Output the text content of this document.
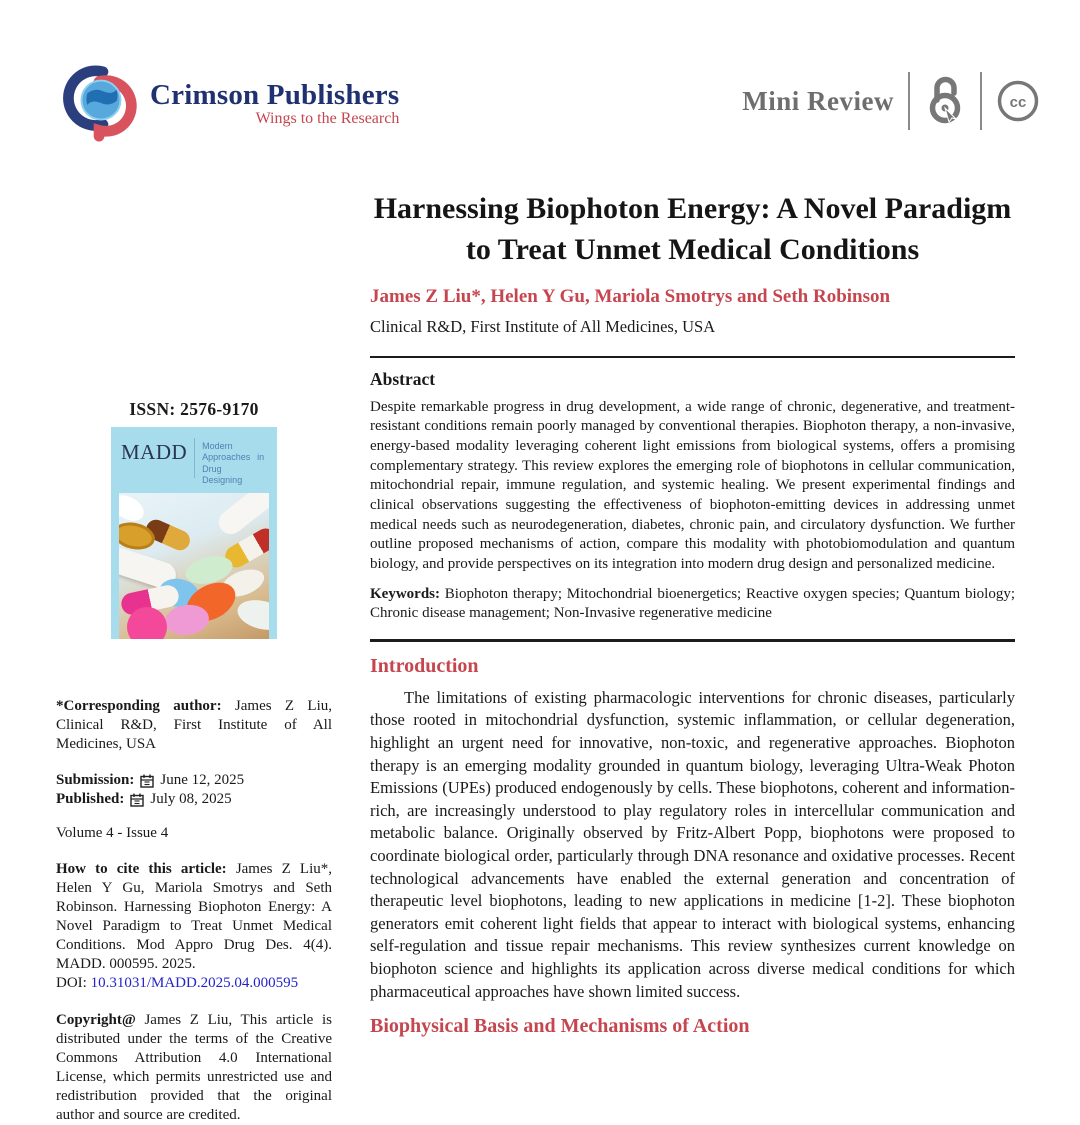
Crimson Publishers
Wings to the Research
Mini Review	cc
ISSN: 2576-9170
MADD Modern Approaches in Drug Designing

*Corresponding author: James Z Liu, Clinical R&D, First Institute of All Medicines, USA

Submission: June 12, 2025
Published: July 08, 2025
Volume 4 - Issue 4

How to cite this article: James Z Liu*, Helen Y Gu, Mariola Smotrys and Seth Robinson. Harnessing Biophoton Energy: A Novel Paradigm to Treat Unmet Medical Conditions. Mod Appro Drug Des. 4(4). MADD. 000595. 2025.

DOI: 10.31031/MADD.2025.04.000595

Copyright@ James Z Liu, This article is distributed under the terms of the Creative Commons Attribution 4.0 International License, which permits unrestricted use and redistribution provided that the original author and source are credited.

Harnessing Biophoton Energy: A Novel Paradigm
to Treat Unmet Medical Conditions
James Z Liu*, Helen Y Gu, Mariola Smotrys and Seth Robinson
Clinical R&D, First Institute of All Medicines, USA
Abstract

Despite remarkable progress in drug development, a wide range of chronic, degenerative, and treatment-resistant conditions remain poorly managed by conventional therapies. Biophoton therapy, a non-invasive, energy-based modality leveraging coherent light emissions from biological systems, offers a promising complementary strategy. This review explores the emerging role of biophotons in cellular communication, mitochondrial repair, immune regulation, and systemic healing. We present experimental findings and clinical observations suggesting the effectiveness of biophoton-emitting devices in addressing unmet medical needs such as neurodegeneration, diabetes, chronic pain, and circulatory dysfunction. We further outline proposed mechanisms of action, compare this modality with photobiomodulation and quantum biology, and provide perspectives on its integration into modern drug design and personalized medicine.

Keywords: Biophoton therapy; Mitochondrial bioenergetics; Reactive oxygen species; Quantum biology; Chronic disease management; Non-Invasive regenerative medicine

Introduction

The limitations of existing pharmacologic interventions for chronic diseases, particularly those rooted in mitochondrial dysfunction, systemic inflammation, or cellular degeneration, highlight an urgent need for innovative, non-toxic, and regenerative approaches. Biophoton therapy is an emerging modality grounded in quantum biology, leveraging Ultra-Weak Photon Emissions (UPEs) produced endogenously by cells. These biophotons, coherent and information-rich, are increasingly understood to play regulatory roles in intercellular communication and metabolic balance. Originally observed by Fritz-Albert Popp, biophotons were proposed to coordinate biological order, particularly through DNA resonance and oxidative processes. Recent technological advancements have enabled the external generation and concentration of therapeutic level biophotons, leading to new applications in medicine [1-2]. These biophoton generators emit coherent light fields that appear to interact with biological systems, enhancing self-regulation and tissue repair mechanisms. This review synthesizes current knowledge on biophoton science and highlights its application across diverse medical conditions for which pharmaceutical approaches have shown limited success.

Biophysical Basis and Mechanisms of Action
